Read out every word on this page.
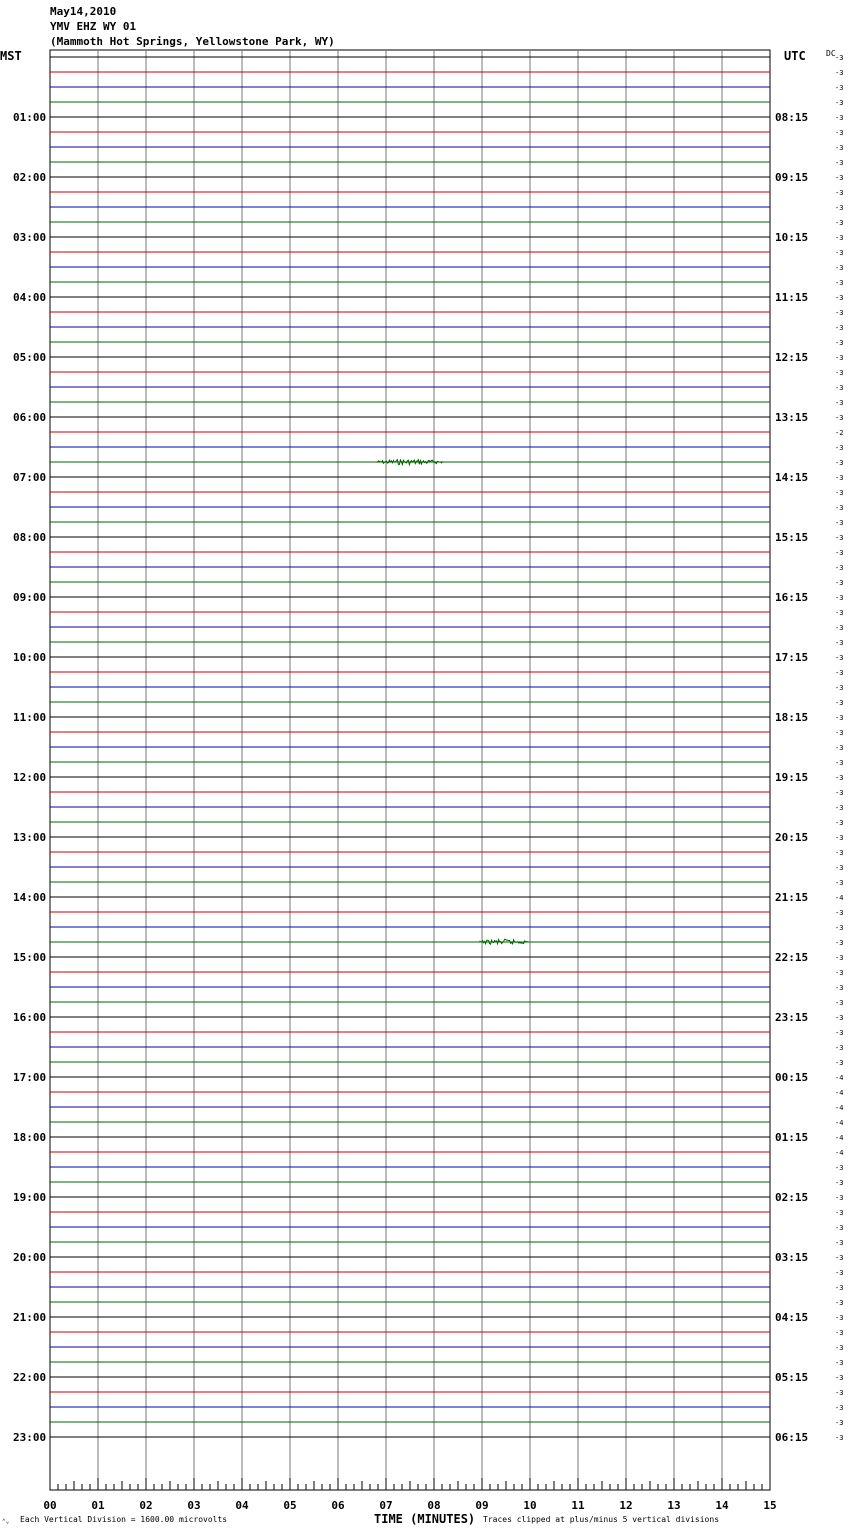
May14,2010
YMV EHZ WY 01
(Mammoth Hot Springs, Yellowstone Park, WY)
MST	UTC	DC
01:00
02:00
03:00
04:00
05:00
06:00
07:00
08:00
09:00
10:00
11:00
12:00
13:00
14:00
15:00
16:00
17:00
18:00
19:00
20:00
21:00
22:00
23:00
08:15
09:15
10:15
11:15
12:15
13:15
14:15
15:15
16:15
17:15
18:15
19:15
20:15
21:15
22:15
23:15
00:15
01:15
02:15
03:15
04:15
05:15
06:15
-3
-3
-3
-3
-3
-3
-3
-3
-3
-3
-3
-3
-3
-3
-3
-3
-3
-3
-3
-3
-3
-3
-3
-3
-3
-2
-3
-3
-3
-3
-3
-3
-3
-3
-3
-3
-3
-3
-3
-3
-3
-3
-3
-3
-3
-3
-3
-3
-3
-3
-3
-3
-3
-3
-3
-3
-4
-3
-3
-3
-3
-3
-3
-3
-3
-3
-3
-3
-4
-4
-4
-4
-4
-4
-3
-3
-3
-3
-3
-3
-3
-3
-3
-3
-3
-3
-3
-3
-3
-3
-3
-3
-3
00	01	02	03	04	05	06	07	08	09	10	11	12	13	14	15
TIME (MINUTES)
Each Vertical Division = 1600.00 microvolts	Traces clipped at plus/minus 5 vertical divisions
⌃⌄
